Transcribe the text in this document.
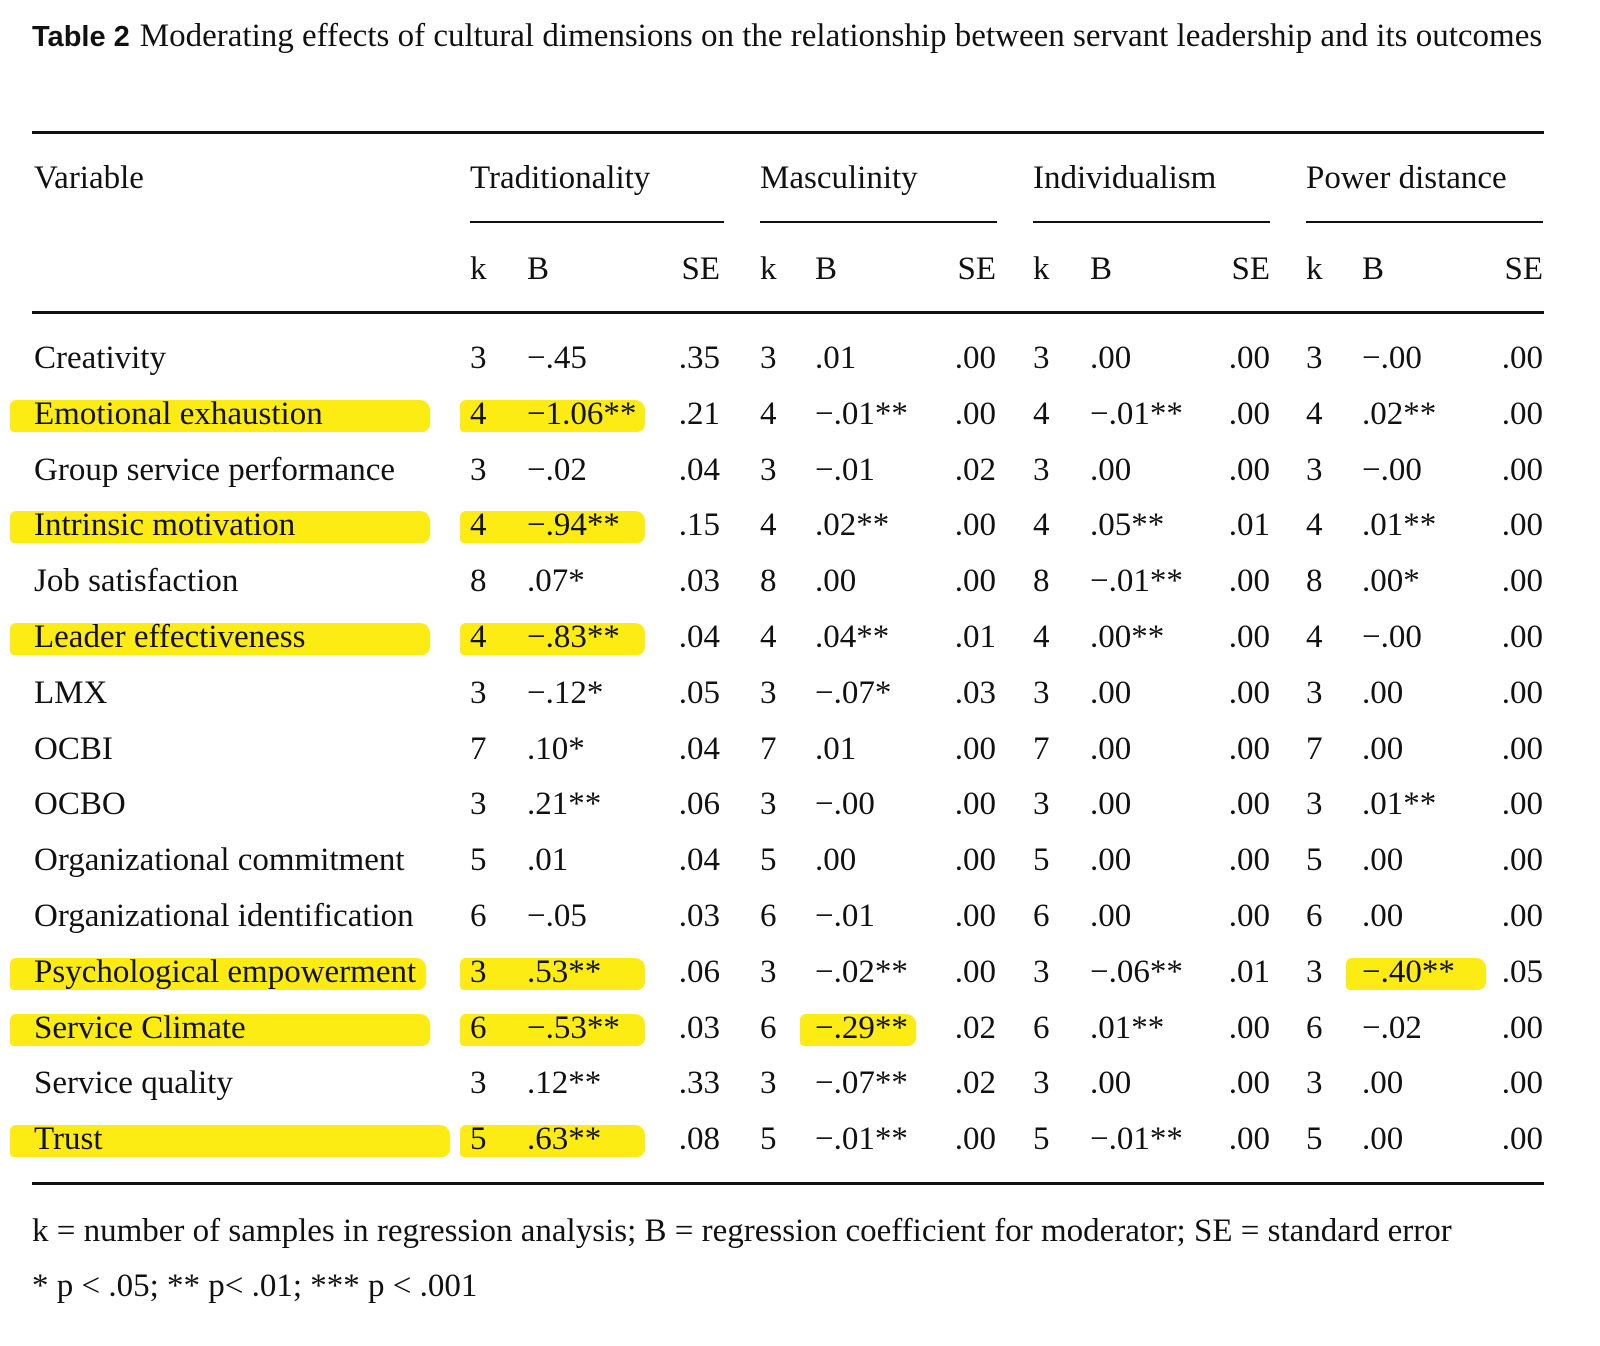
Table 2 Moderating effects of cultural dimensions on the relationship between servant leadership and its outcomes
Variable	Traditionality	Masculinity	Individualism	Power distance
k B	SE k B	SE k B	SE k B	SE
Creativity	3 −.45	.35 3 .01	.00 3 .00	.00 3 −.00	.00
Emotional exhaustion	4 −1.06**	.21 4 −.01**	.00 4 −.01**	.00 4 .02**	.00
Group service performance 3 −.02	.04 3 −.01	.02 3 .00	.00 3 −.00	.00
Intrinsic motivation	4 −.94**	.15 4 .02**	.00 4 .05**	.01 4 .01**	.00
Job satisfaction	8 .07*	.03 8 .00	.00 8 −.01**	.00 8 .00*	.00
Leader effectiveness	4 −.83**	.04 4 .04**	.01 4 .00**	.00 4 −.00	.00
LMX	3 −.12*	.05 3 −.07*	.03 3 .00	.00 3 .00	.00
OCBI	7 .10*	.04 7 .01	.00 7 .00	.00 7 .00	.00
OCBO	3 .21**	.06 3 −.00	.00 3 .00	.00 3 .01**	.00
Organizational commitment 5 .01	.04 5 .00	.00 5 .00	.00 5 .00	.00
Organizational identification 6 −.05	.03 6 −.01	.00 6 .00	.00 6 .00	.00
Psychological empowerment 3 .53**	.06 3 −.02**	.00 3 −.06**	.01 3 −.40**	.05
Service Climate	6 −.53**	.03 6 −.29**	.02 6 .01**	.00 6 −.02	.00
Service quality	3 .12**	.33 3 −.07**	.02 3 .00	.00 3 .00	.00
Trust	5 .63**	.08 5 −.01**	.00 5 −.01**	.00 5 .00	.00
k = number of samples in regression analysis; B = regression coefficient for moderator; SE = standard error
* p < .05; ** p< .01; *** p < .001
